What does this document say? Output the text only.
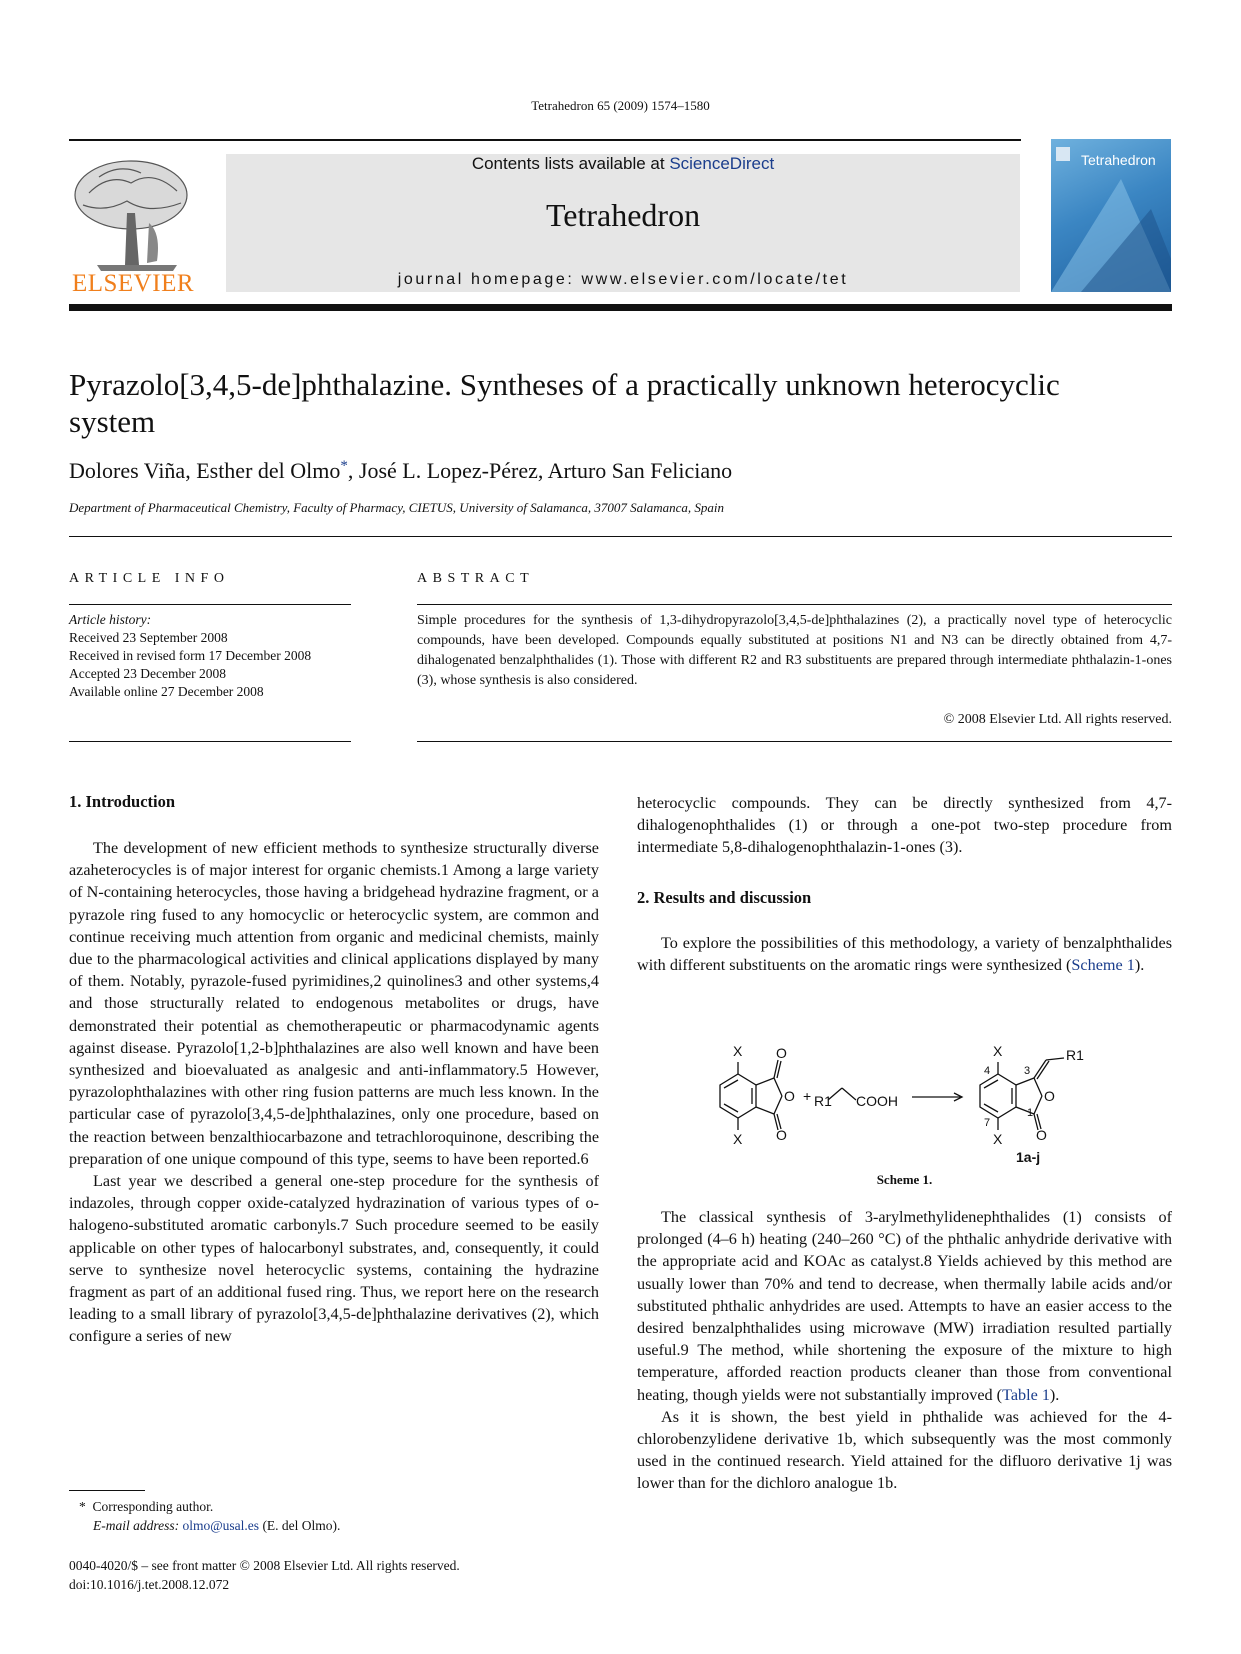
Tetrahedron 65 (2009) 1574–1580
ELSEVIER
Contents lists available at ScienceDirect
Tetrahedron
journal homepage: www.elsevier.com/locate/tet
Tetrahedron
Pyrazolo[3,4,5-de]phthalazine. Syntheses of a practically unknown heterocyclic system
Dolores Viña, Esther del Olmo*, José L. Lopez-Pérez, Arturo San Feliciano
Department of Pharmaceutical Chemistry, Faculty of Pharmacy, CIETUS, University of Salamanca, 37007 Salamanca, Spain
ARTICLE INFO	ABSTRACT
Article history:
Received 23 September 2008
Received in revised form 17 December 2008
Accepted 23 December 2008
Available online 27 December 2008
Simple procedures for the synthesis of 1,3-dihydropyrazolo[3,4,5-de]phthalazines (2), a practically novel type of heterocyclic compounds, have been developed. Compounds equally substituted at positions N1 and N3 can be directly obtained from 4,7-dihalogenated benzalphthalides (1). Those with different R2 and R3 substituents are prepared through intermediate phthalazin-1-ones (3), whose synthesis is also considered.
© 2008 Elsevier Ltd. All rights reserved.
1. Introduction

The development of new efficient methods to synthesize structurally diverse azaheterocycles is of major interest for organic chemists.1 Among a large variety of N-containing heterocycles, those having a bridgehead hydrazine fragment, or a pyrazole ring fused to any homocyclic or heterocyclic system, are common and continue receiving much attention from organic and medicinal chemists, mainly due to the pharmacological activities and clinical applications displayed by many of them. Notably, pyrazole-fused pyrimidines,2 quinolines3 and other systems,4 and those structurally related to endogenous metabolites or drugs, have demonstrated their potential as chemotherapeutic or pharmacodynamic agents against disease. Pyrazolo[1,2-b]phthalazines are also well known and have been synthesized and bioevaluated as analgesic and anti-inflammatory.5 However, pyrazolophthalazines with other ring fusion patterns are much less known. In the particular case of pyrazolo[3,4,5-de]phthalazines, only one procedure, based on the reaction between benzalthiocarbazone and tetrachloroquinone, describing the preparation of one unique compound of this type, seems to have been reported.6

Last year we described a general one-step procedure for the synthesis of indazoles, through copper oxide-catalyzed hydrazination of various types of o-halogeno-substituted aromatic carbonyls.7 Such procedure seemed to be easily applicable on other types of halocarbonyl substrates, and, consequently, it could serve to synthesize novel heterocyclic systems, containing the hydrazine fragment as part of an additional fused ring. Thus, we report here on the research leading to a small library of pyrazolo[3,4,5-de]phthalazine derivatives (2), which configure a series of new

heterocyclic compounds. They can be directly synthesized from 4,7-dihalogenophthalides (1) or through a one-pot two-step procedure from intermediate 5,8-dihalogenophthalazin-1-ones (3).

2. Results and discussion

To explore the possibilities of this methodology, a variety of benzalphthalides with different substituents on the aromatic rings were synthesized (Scheme 1).

X
X
O
O
O
+ R1 COOH
X
X
R1
O
O
1a-j
4	3
7
1
Scheme 1.

The classical synthesis of 3-arylmethylidenephthalides (1) consists of prolonged (4–6 h) heating (240–260 °C) of the phthalic anhydride derivative with the appropriate acid and KOAc as catalyst.8 Yields achieved by this method are usually lower than 70% and tend to decrease, when thermally labile acids and/or substituted phthalic anhydrides are used. Attempts to have an easier access to the desired benzalphthalides using microwave (MW) irradiation resulted partially useful.9 The method, while shortening the exposure of the mixture to high temperature, afforded reaction products cleaner than those from conventional heating, though yields were not substantially improved (Table 1).

As it is shown, the best yield in phthalide was achieved for the 4-chlorobenzylidene derivative 1b, which subsequently was the most commonly used in the continued research. Yield attained for the difluoro derivative 1j was lower than for the dichloro analogue 1b.

* Corresponding author.
E-mail address: olmo@usal.es (E. del Olmo).
0040-4020/$ – see front matter © 2008 Elsevier Ltd. All rights reserved.
doi:10.1016/j.tet.2008.12.072
